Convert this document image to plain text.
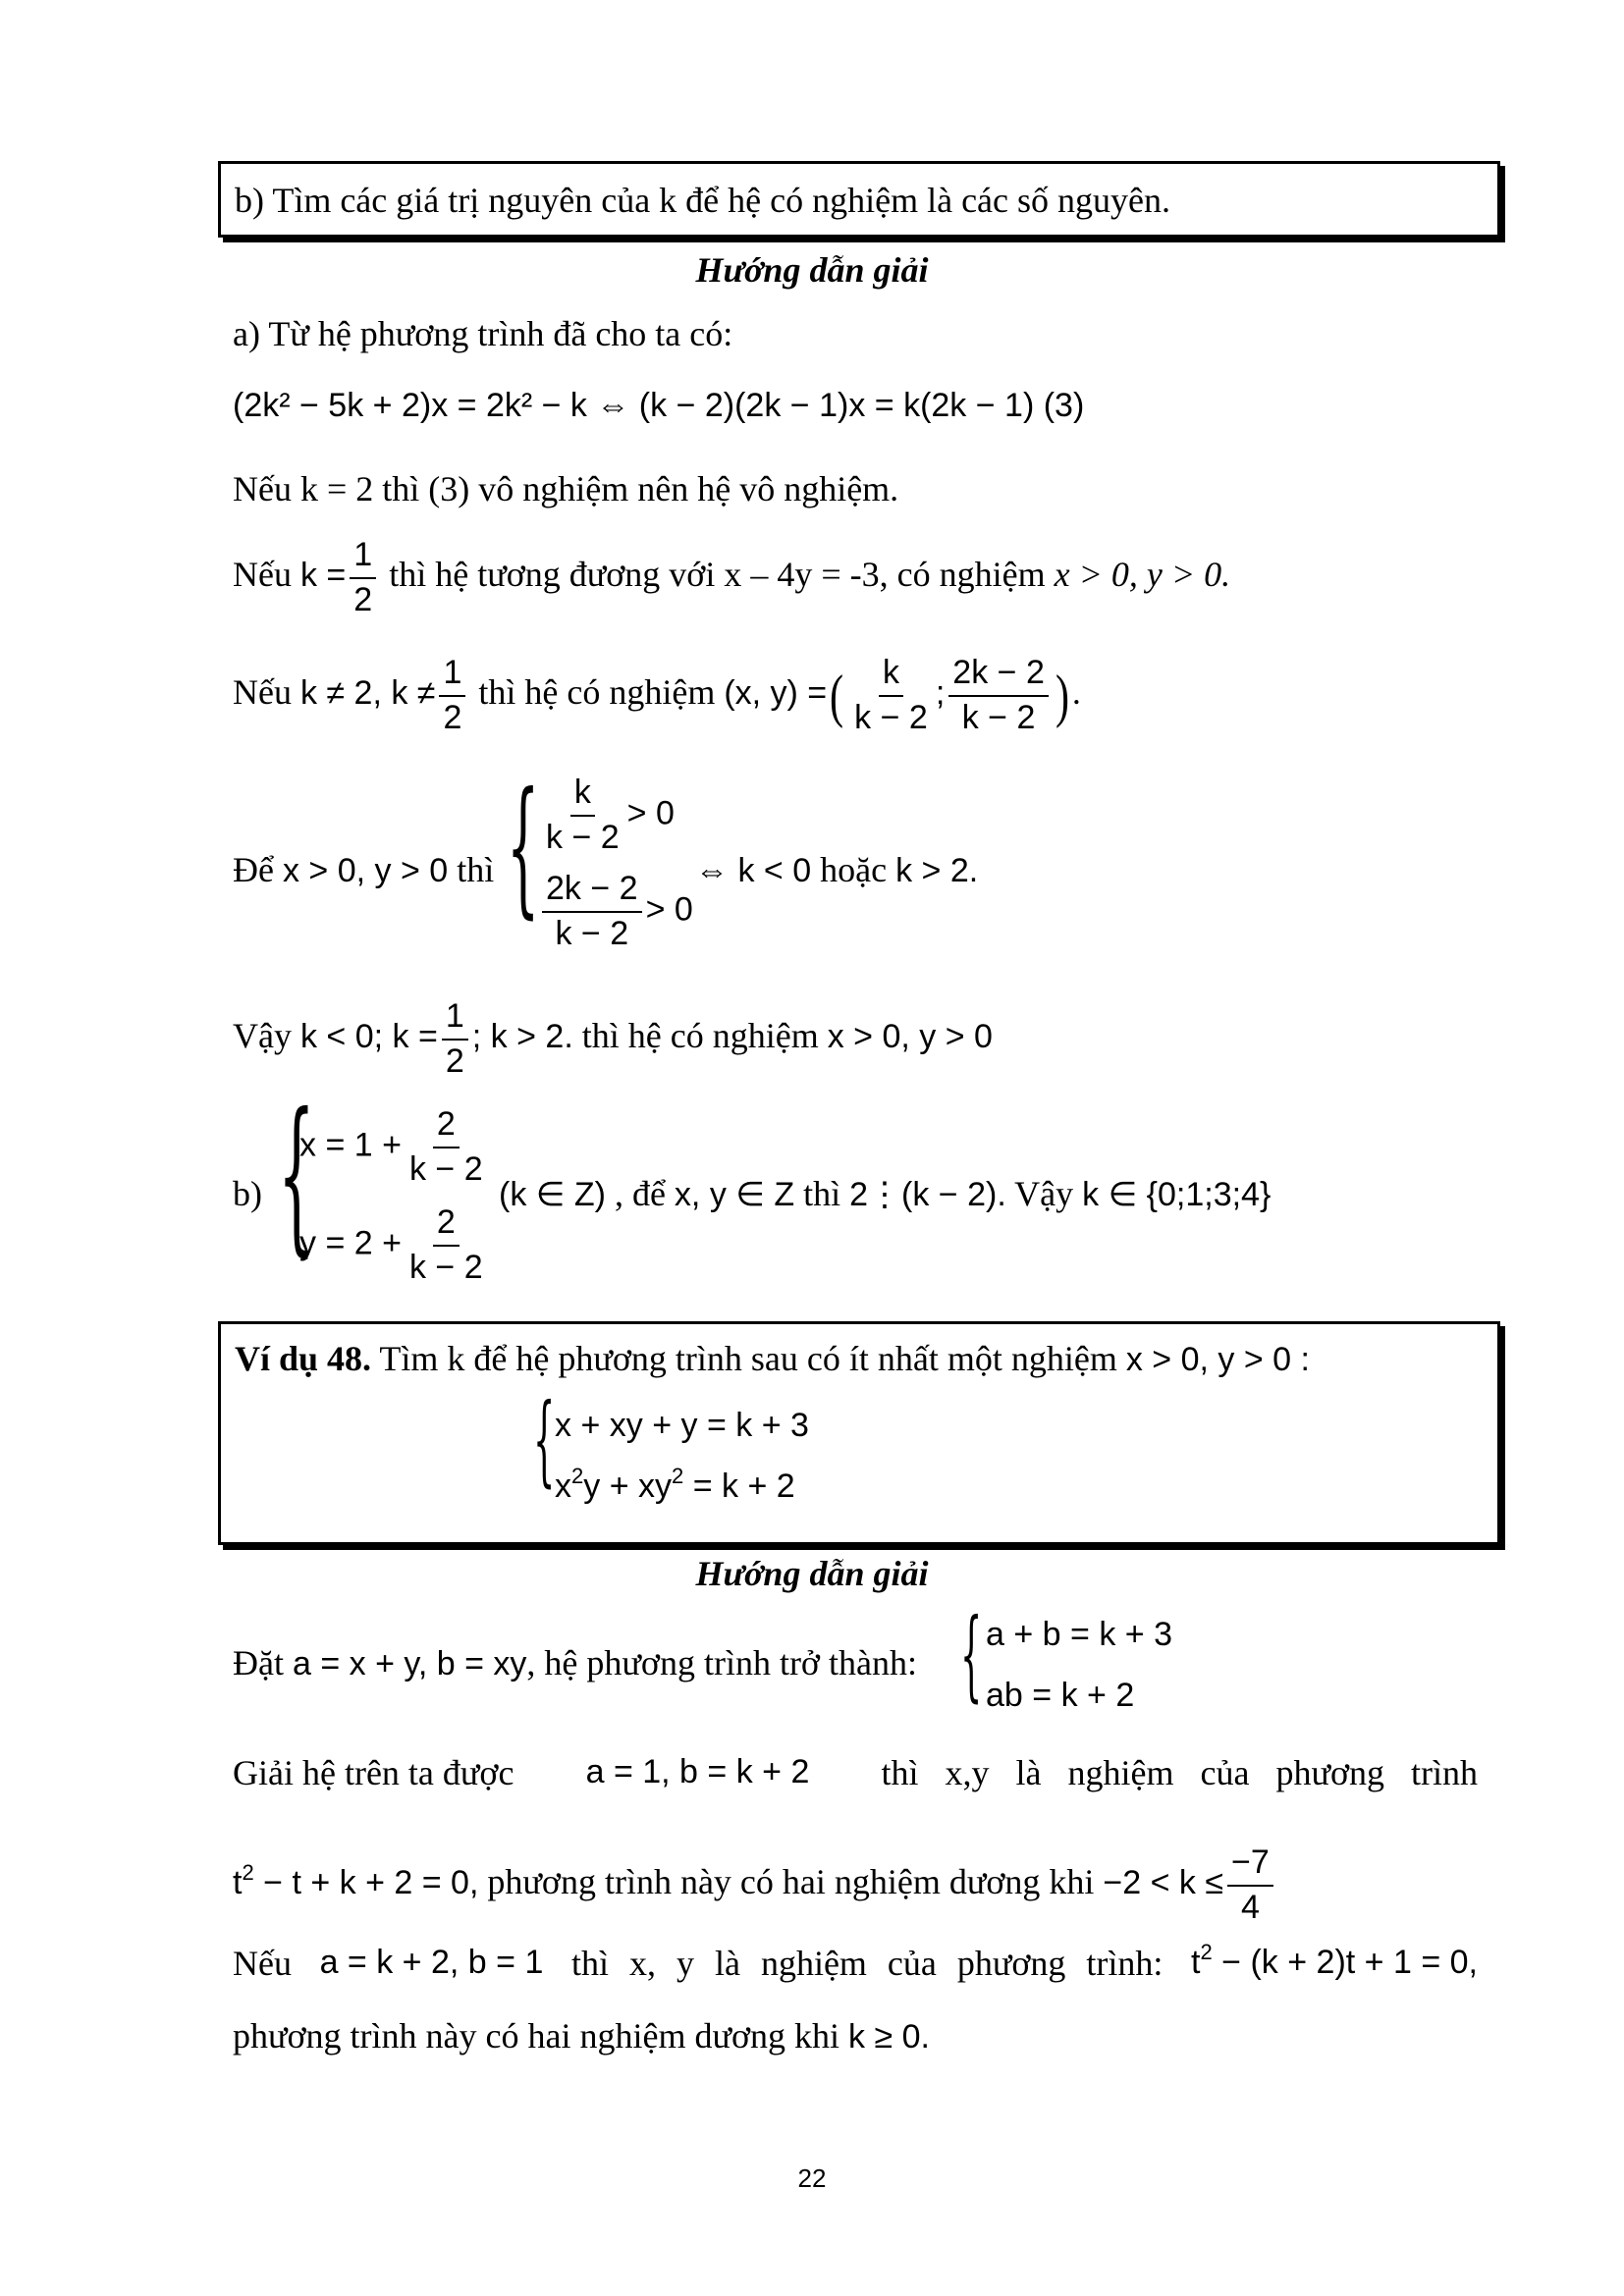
b) Tìm các giá trị nguyên của k để hệ có nghiệm là các số nguyên.
Hướng dẫn giải
a) Từ hệ phương trình đã cho ta có:
(2k² − 5k + 2)x = 2k² − k ⇔ (k − 2)(2k − 1)x = k(2k − 1) (3)
Nếu k = 2 thì (3) vô nghiệm nên hệ vô nghiệm.
Nếu $k = \frac{1}{2}$ thì hệ tương đương với x – 4y = -3, có nghiệm x > 0, y > 0.
Nếu k ≠ 2, $k \ne \frac{1}{2}$ thì hệ có nghiệm (x, y) =( $\frac{k}{k - 2}$ ; $\frac{2k - 2}{k - 2}$ ).
Để x > 0, y > 0 thì { $\frac{k}{k - 2} > 0$
$\frac{2k - 2}{k - 2} > 0$
⇔ k < 0 hoặc k > 2.
Vậy k < 0; $k = \frac{1}{2}$ ; k > 2. thì hệ có nghiệm x > 0, y > 0
b) {
$x = 1 + \frac{2}{k - 2}$
$y = 2 + \frac{2}{k - 2}$
(k ∈ Z) , để x, y ∈ Z thì 2⋮(k − 2). Vậy k ∈ {0;1;3;4}
Ví dụ 48. Tìm k để hệ phương trình sau có ít nhất một nghiệm x > 0, y > 0 :
{ x + xy + y = k + 3
$x^2y + xy^2 = k + 2$
Hướng dẫn giải
Đặt a = x + y, b = xy, hệ phương trình trở thành: { a + b = k + 3
ab = k + 2
Giải hệ trên ta được a = 1, b = k + 2 thì x,y là nghiệm của phương trình
$t^2 - t + k + 2 = 0$, phương trình này có hai nghiệm dương khi $-2 < k \le \frac{-7}{4}$
Nếu a = k + 2, b = 1 thì x, y là nghiệm của phương trình: $t^2 - (k + 2)t + 1 = 0$,
phương trình này có hai nghiệm dương khi k ≥ 0.
22
